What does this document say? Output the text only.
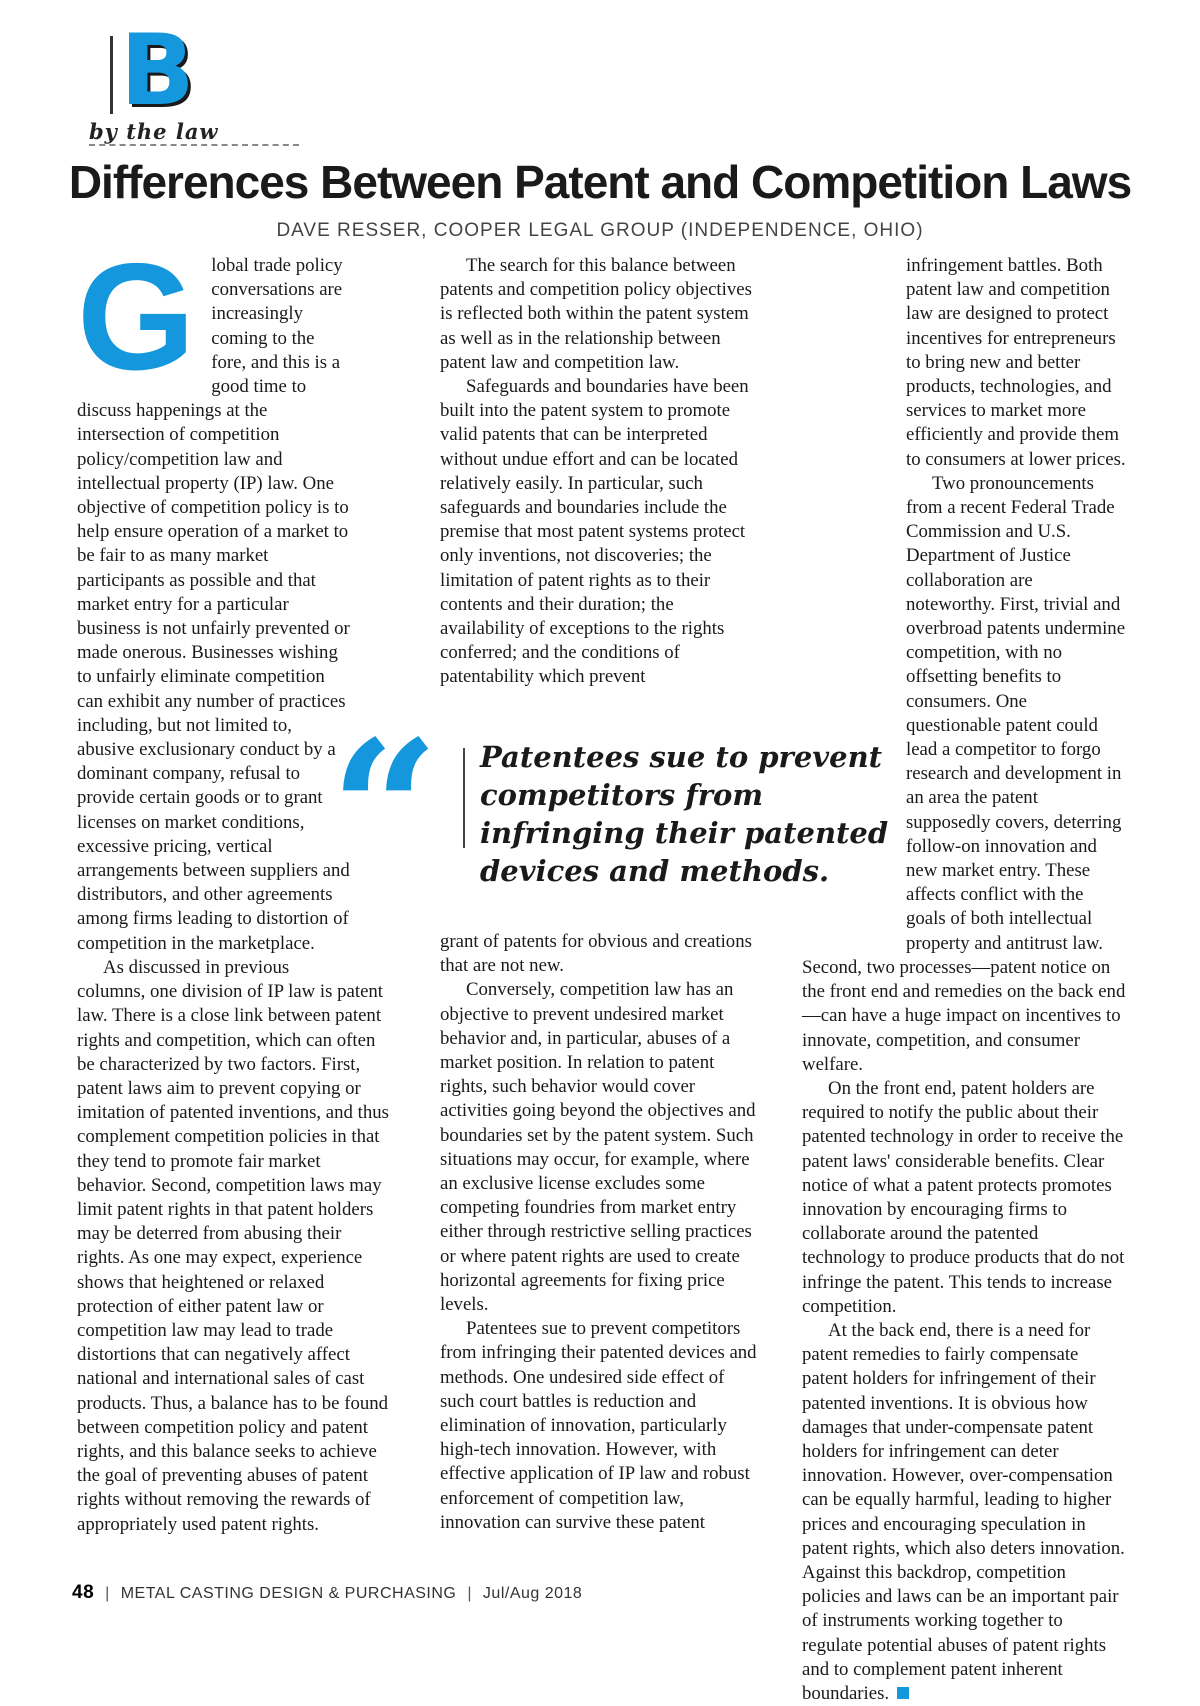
B
by the law
Differences Between Patent and Competition Laws
DAVE RESSER, COOPER LEGAL GROUP (INDEPENDENCE, OHIO)
G lobal trade policy conversations are increasingly coming to the fore, and this is a good time to discuss happenings at the intersection of competition policy/competition law and intellectual property (IP) law. One objective of competition policy is to help ensure operation of a market to be fair to as many market participants as possible and that market entry for a particular business is not unfairly prevented or made onerous. Businesses wishing to unfairly eliminate competition can exhibit any number of practices including, but not limited to, abusive exclusionary conduct by a dominant company, refusal to provide certain goods or to grant licenses on market conditions, excessive pricing, vertical arrangements between suppliers and distributors, and other agreements among firms leading to distortion of competition in the marketplace.

As discussed in previous columns, one division of IP law is patent law. There is a close link between patent rights and competition, which can often be characterized by two factors. First, patent laws aim to prevent copying or imitation of patented inventions, and thus complement competition policies in that they tend to promote fair market behavior. Second, competition laws may limit patent rights in that patent holders may be deterred from abusing their rights. As one may expect, experience shows that heightened or relaxed protection of either patent law or competition law may lead to trade distortions that can negatively affect national and international sales of cast products. Thus, a balance has to be found between competition policy and patent rights, and this balance seeks to achieve the goal of preventing abuses of patent rights without removing the rewards of appropriately used patent rights.

The search for this balance between patents and competition policy objectives is reflected both within the patent system as well as in the relationship between patent law and competition law.

Safeguards and boundaries have been built into the patent system to promote valid patents that can be interpreted without undue effort and can be located relatively easily. In particular, such safeguards and boundaries include the premise that most patent systems protect only inventions, not discoveries; the limitation of patent rights as to their contents and their duration; the availability of exceptions to the rights conferred; and the conditions of patentability which prevent

grant of patents for obvious and creations that are not new.

Conversely, competition law has an objective to prevent undesired market behavior and, in particular, abuses of a market position. In relation to patent rights, such behavior would cover activities going beyond the objectives and boundaries set by the patent system. Such situations may occur, for example, where an exclusive license excludes some competing foundries from market entry either through restrictive selling practices or where patent rights are used to create horizontal agreements for fixing price levels.

Patentees sue to prevent competitors from infringing their patented devices and methods. One undesired side effect of such court battles is reduction and elimination of innovation, particularly high-tech innovation. However, with effective application of IP law and robust enforcement of competition law, innovation can survive these patent

infringement battles. Both patent law and competition law are designed to protect incentives for entrepreneurs to bring new and better products, technologies, and services to market more efficiently and provide them to consumers at lower prices.

Two pronouncements from a recent Federal Trade Commission and U.S. Department of Justice collaboration are noteworthy. First, trivial and overbroad patents undermine competition, with no offsetting benefits to consumers. One questionable patent could lead a competitor to forgo research and development in an area the patent supposedly covers, deterring follow-on innovation and new market entry. These affects conflict with the goals of both intellectual property and antitrust law. Second, two processes—patent notice on the front end and remedies on the back end—can have a huge impact on incentives to innovate, competition, and consumer welfare.

On the front end, patent holders are required to notify the public about their patented technology in order to receive the patent laws' considerable benefits. Clear notice of what a patent protects promotes innovation by encouraging firms to collaborate around the patented technology to produce products that do not infringe the patent. This tends to increase competition.

At the back end, there is a need for patent remedies to fairly compensate patent holders for infringement of their patented inventions. It is obvious how damages that under-compensate patent holders for infringement can deter innovation. However, over-compensation can be equally harmful, leading to higher prices and encouraging speculation in patent rights, which also deters innovation. Against this backdrop, competition policies and laws can be an important pair of instruments working together to regulate potential abuses of patent rights and to complement patent inherent boundaries.

“ Patentees sue to prevent competitors from infringing their patented devices and methods.
48 | METAL CASTING DESIGN & PURCHASING | Jul/Aug 2018
